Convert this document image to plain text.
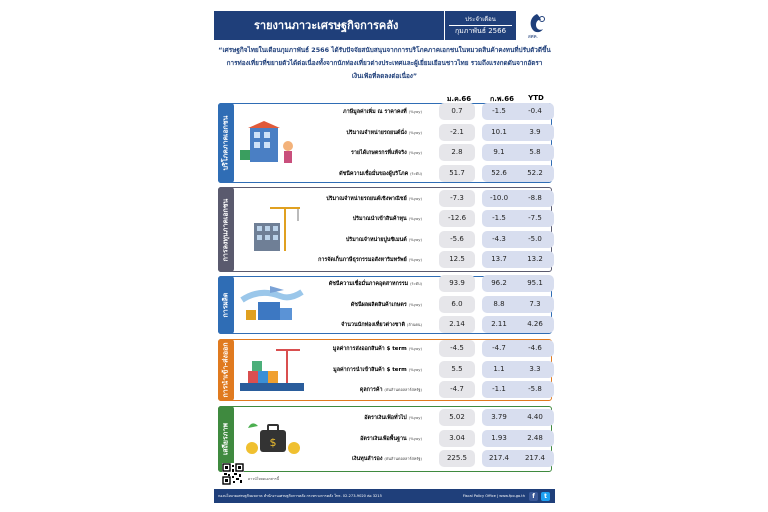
รายงานภาวะเศรษฐกิจการคลัง	ประจำเดือน
กุมภาพันธ์ 2566
สศค.
“เศรษฐกิจไทยในเดือนกุมภาพันธ์ 2566 ได้รับปัจจัยสนับสนุนจากการบริโภคภาคเอกชนในหมวดสินค้าคงทนที่ปรับตัวดีขึ้น การท่องเที่ยวที่ขยายตัวได้ต่อเนื่องทั้งจากนักท่องเที่ยวต่างประเทศและผู้เยี่ยมเยือนชาวไทย รวมถึงแรงกดดันจากอัตราเงินเฟ้อที่ลดลงต่อเนื่อง”
ม.ค.66	ก.พ.66	YTD
บริโภคภาคเอกชน
ภาษีมูลค่าเพิ่ม ณ ราคาคงที่ (%yoy)	0.7	-1.5	-0.4
ปริมาณจำหน่ายรถยนต์นั่ง (%yoy)	-2.1	10.1	3.9
รายได้เกษตรกรที่แท้จริง (%yoy)	2.8	9.1	5.8
ดัชนีความเชื่อมั่นของผู้บริโภค (ระดับ)	51.7	52.6	52.2
การลงทุนภาคเอกชน	ปริมาณจำหน่ายรถยนต์เชิงพาณิชย์ (%yoy)	-7.3	-10.0	-8.8
ปริมาณนำเข้าสินค้าทุน (%yoy)	-12.6	-1.5	-7.5
ปริมาณจำหน่ายปูนซิเมนต์ (%yoy)	-5.6	-4.3	-5.0
การจัดเก็บภาษีธุรกรรมอสังหาริมทรัพย์ (%yoy)	12.5	13.7	13.2
การผลิต
ดัชนีความเชื่อมั่นภาคอุตสาหกรรม (ระดับ)	93.9	96.2	95.1
ดัชนีผลผลิตสินค้าเกษตร (%yoy)	6.0	8.8	7.3
จำนวนนักท่องเที่ยวต่างชาติ (ล้านคน)	2.14	2.11	4.26
การนำเข้า-ส่งออก	มูลค่าการส่งออกสินค้า $ term (%yoy)	-4.5	-4.7	-4.6
มูลค่าการนำเข้าสินค้า $ term (%yoy)	5.5	1.1	3.3
ดุลการค้า (พันล้านดอลลาร์สหรัฐ)	-4.7	-1.1	-5.8
เสถียรภาพ	$
อัตราเงินเฟ้อทั่วไป (%yoy)	5.02	3.79	4.40
อัตราเงินเฟ้อพื้นฐาน (%yoy)	3.04	1.93	2.48
เงินทุนสำรอง (พันล้านดอลลาร์สหรัฐ)	225.5	217.4	217.4
ดาวน์โหลดเอกสารนี้
กองนโยบายเศรษฐกิจมหภาค สำนักงานเศรษฐกิจการคลัง กระทรวงการคลัง โทร. 02-273-9020 ต่อ 3215	Fiscal Policy Office | www.fpo.go.th	f	t
